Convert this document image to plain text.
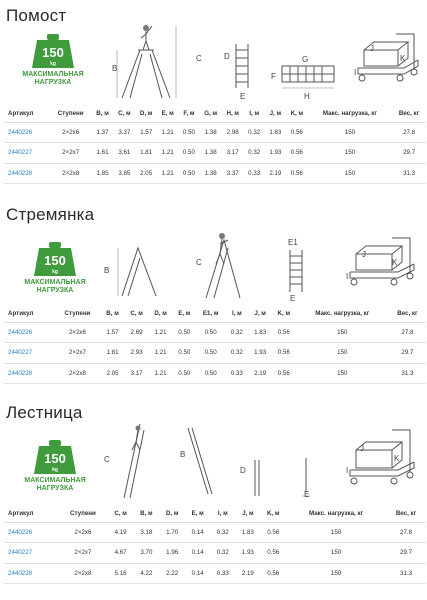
Помост
150
kg
МАКСИМАЛЬНАЯ
НАГРУЗКА
B
C	D
E
G
F
H
J
K
I
Артикул	Ступени	B, м	C, м	D, м	E, м	F, м	G, м	H, м	I, м	J, м	K, м	Макс. нагрузка, кг	Вес, кг
2440226	2×2х6	1.37	3.37	1.57	1.21	0.50	1.38	2.98	0.32	1.83	0.56	150	27.8
2440227	2×2х7	1.61	3.61	1.81	1.21	0.50	1.38	3.17	0.32	1.93	0.56	150	29.7
2440228	2×2х8	1.85	3.85	2.05	1.21	0.50	1.38	3.37	0.33	2.19	0.56	150	31.3
Стремянка
150
kg
МАКСИМАЛЬНАЯ
НАГРУЗКА
B
C
E1
E
J
K
I
Артикул	Ступени	B, м	C, м	D, м	E, м	E1, м	I, м	J, м	K, м	Макс. нагрузка, кг	Вес, кг
2440226	2×2х6	1.57	2.69	1.21	0.50	0.50	0.32	1.83	0.56	150	27.8
2440227	2×2х7	1.81	2.93	1.21	0.50	0.50	0.32	1.93	0.56	150	29.7
2440228	2×2х8	2.05	3.17	1.21	0.50	0.50	0.33	2.19	0.56	150	31.3
Лестница
150
kg
МАКСИМАЛЬНАЯ
НАГРУЗКА
C
B
D
E
J
K
I
Артикул	Ступени	C, м	B, м	D, м	E, м	I, м	J, м	K, м	Макс. нагрузка, кг	Вес, кг
2440226	2×2х6	4.19	3.18	1.70	0.14	0.32	1.83	0.56	150	27.8
2440227	2×2х7	4.67	3.70	1.96	0.14	0.32	1.93	0.56	150	29.7
2440228	2×2х8	5.16	4.22	2.22	0.14	0.33	2.19	0.56	150	31.3
